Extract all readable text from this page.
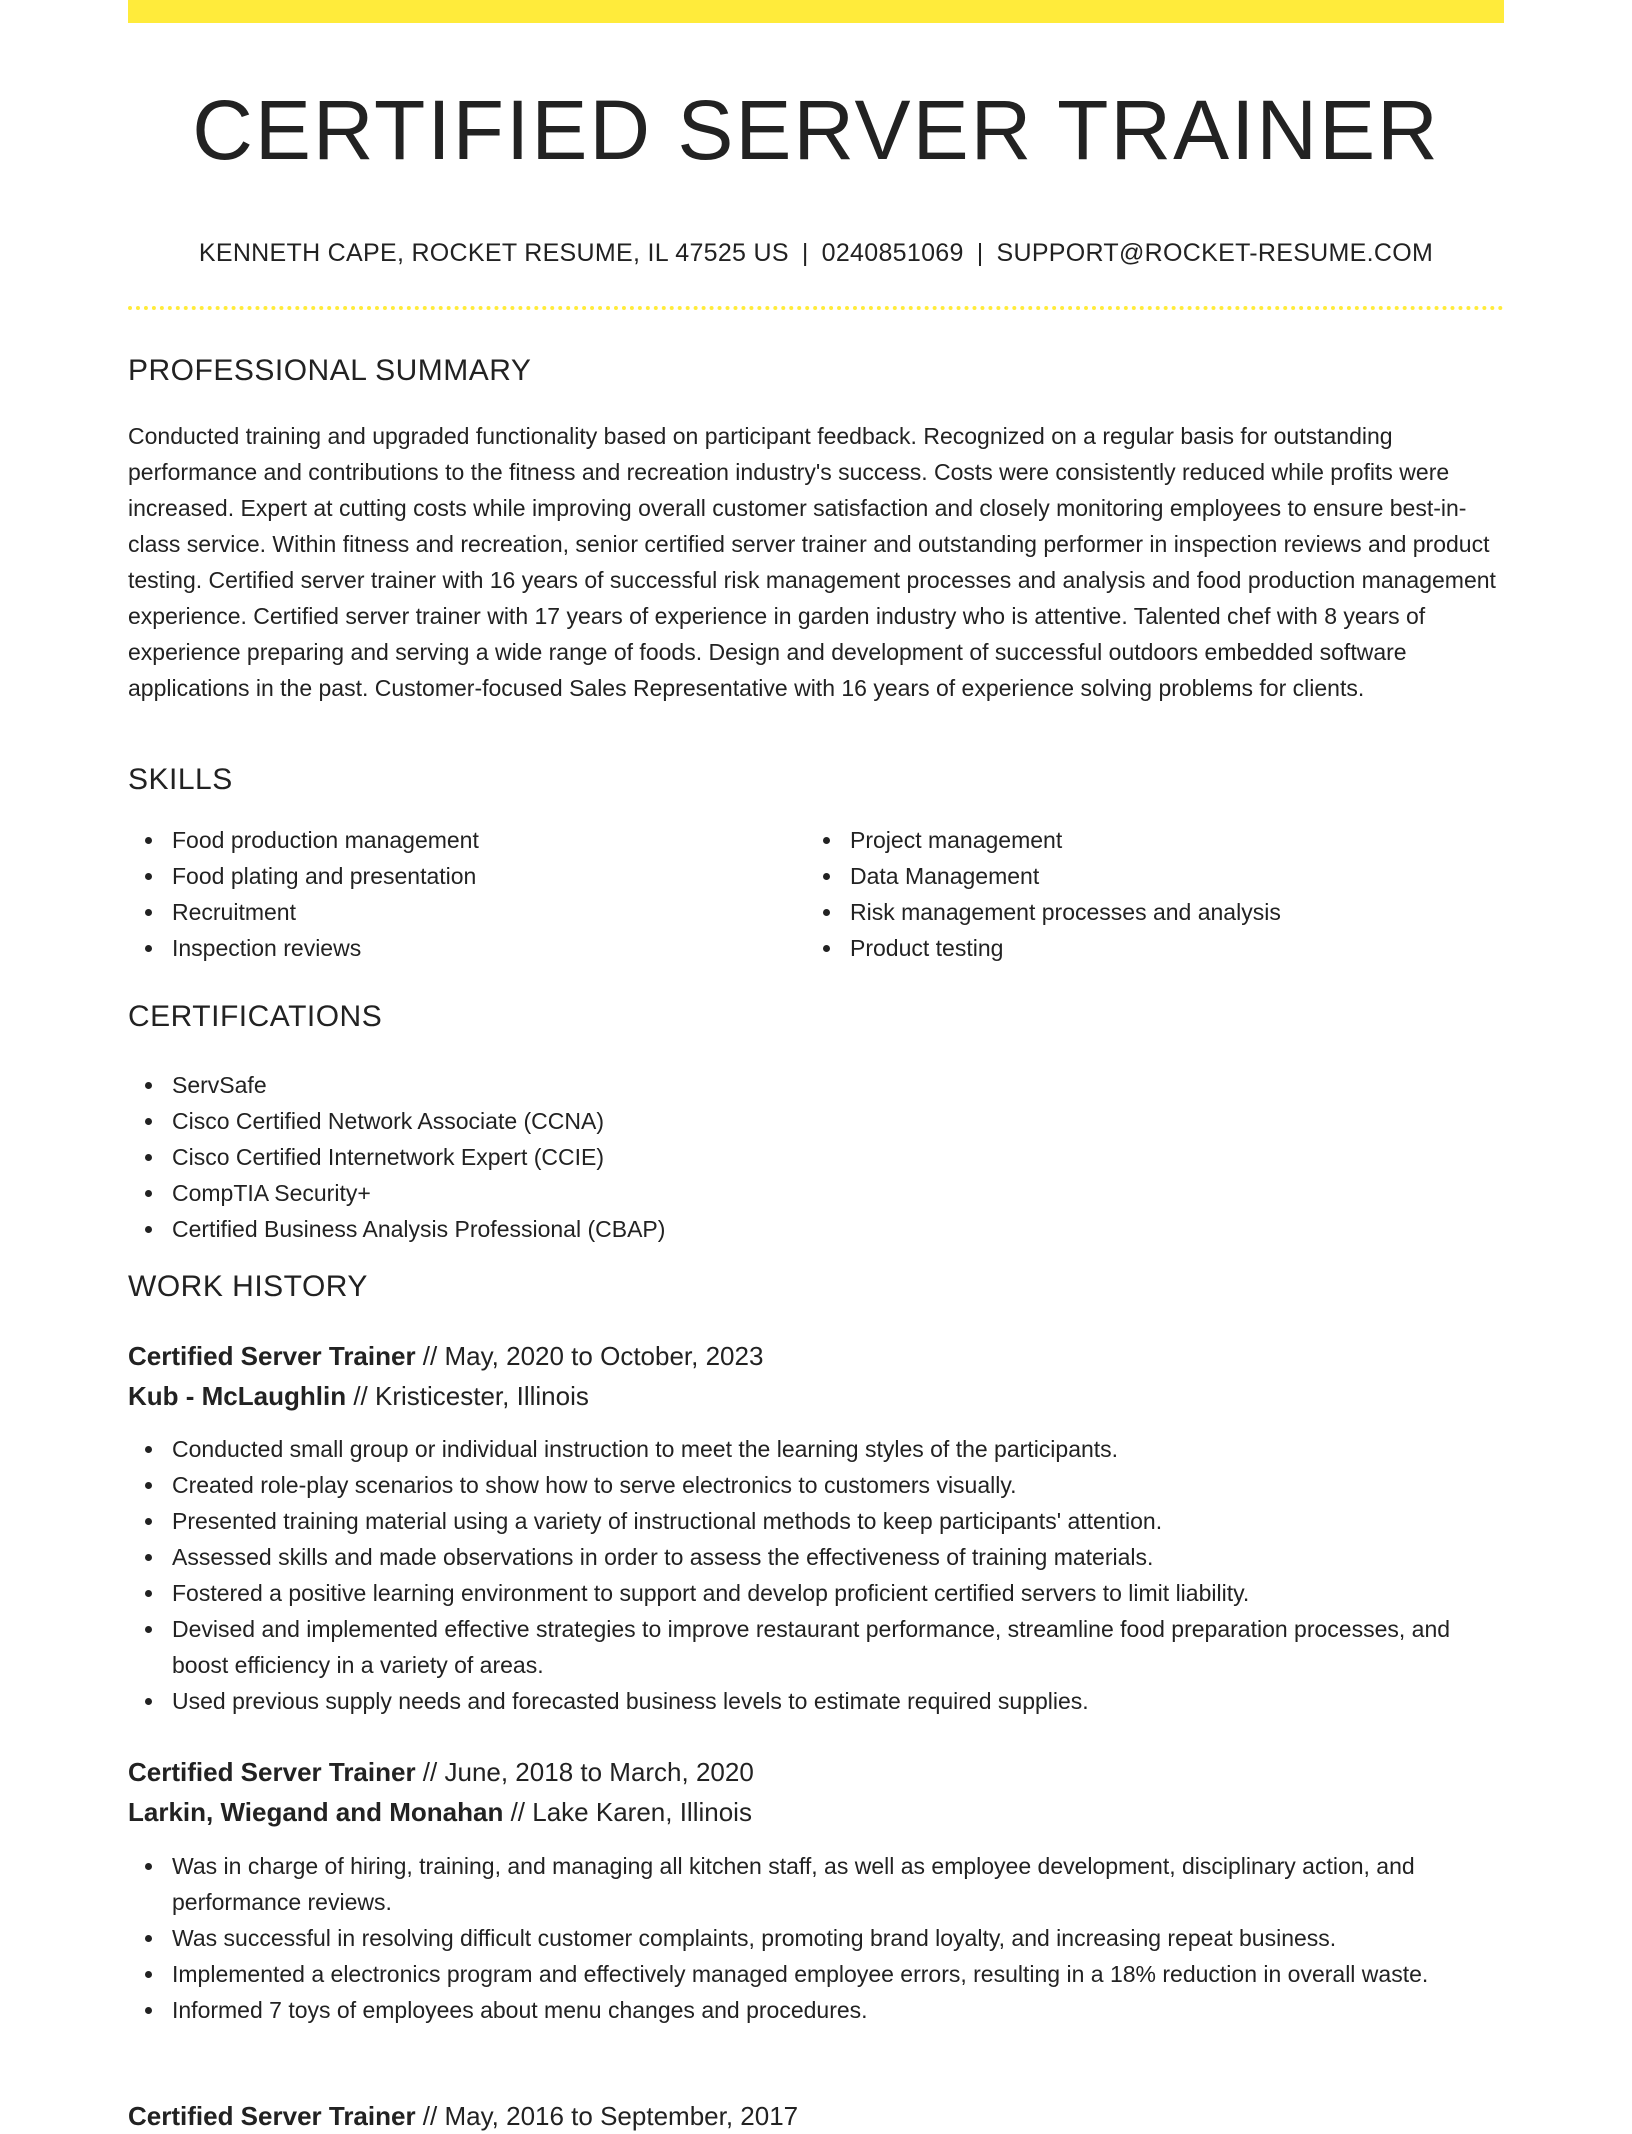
CERTIFIED SERVER TRAINER
KENNETH CAPE, ROCKET RESUME, IL 47525 US | 0240851069 | SUPPORT@ROCKET-RESUME.COM
PROFESSIONAL SUMMARY

Conducted training and upgraded functionality based on participant feedback. Recognized on a regular basis for outstanding performance and contributions to the fitness and recreation industry's success. Costs were consistently reduced while profits were increased. Expert at cutting costs while improving overall customer satisfaction and closely monitoring employees to ensure best-in-class service. Within fitness and recreation, senior certified server trainer and outstanding performer in inspection reviews and product testing. Certified server trainer with 16 years of successful risk management processes and analysis and food production management experience. Certified server trainer with 17 years of experience in garden industry who is attentive. Talented chef with 8 years of experience preparing and serving a wide range of foods. Design and development of successful outdoors embedded software applications in the past. Customer-focused Sales Representative with 16 years of experience solving problems for clients.

SKILLS
Food production management
Food plating and presentation
Recruitment
Inspection reviews
Project management
Data Management
Risk management processes and analysis
Product testing
CERTIFICATIONS
ServSafe
Cisco Certified Network Associate (CCNA)
Cisco Certified Internetwork Expert (CCIE)
CompTIA Security+
Certified Business Analysis Professional (CBAP)
WORK HISTORY
Certified Server Trainer // May, 2020 to October, 2023
Kub - McLaughlin // Kristicester, Illinois
Conducted small group or individual instruction to meet the learning styles of the participants.
Created role-play scenarios to show how to serve electronics to customers visually.
Presented training material using a variety of instructional methods to keep participants' attention.
Assessed skills and made observations in order to assess the effectiveness of training materials.
Fostered a positive learning environment to support and develop proficient certified servers to limit liability.
Devised and implemented effective strategies to improve restaurant performance, streamline food preparation processes, and boost efficiency in a variety of areas.
Used previous supply needs and forecasted business levels to estimate required supplies.
Certified Server Trainer // June, 2018 to March, 2020
Larkin, Wiegand and Monahan // Lake Karen, Illinois
Was in charge of hiring, training, and managing all kitchen staff, as well as employee development, disciplinary action, and performance reviews.
Was successful in resolving difficult customer complaints, promoting brand loyalty, and increasing repeat business.
Implemented a electronics program and effectively managed employee errors, resulting in a 18% reduction in overall waste.
Informed 7 toys of employees about menu changes and procedures.
Certified Server Trainer // May, 2016 to September, 2017
